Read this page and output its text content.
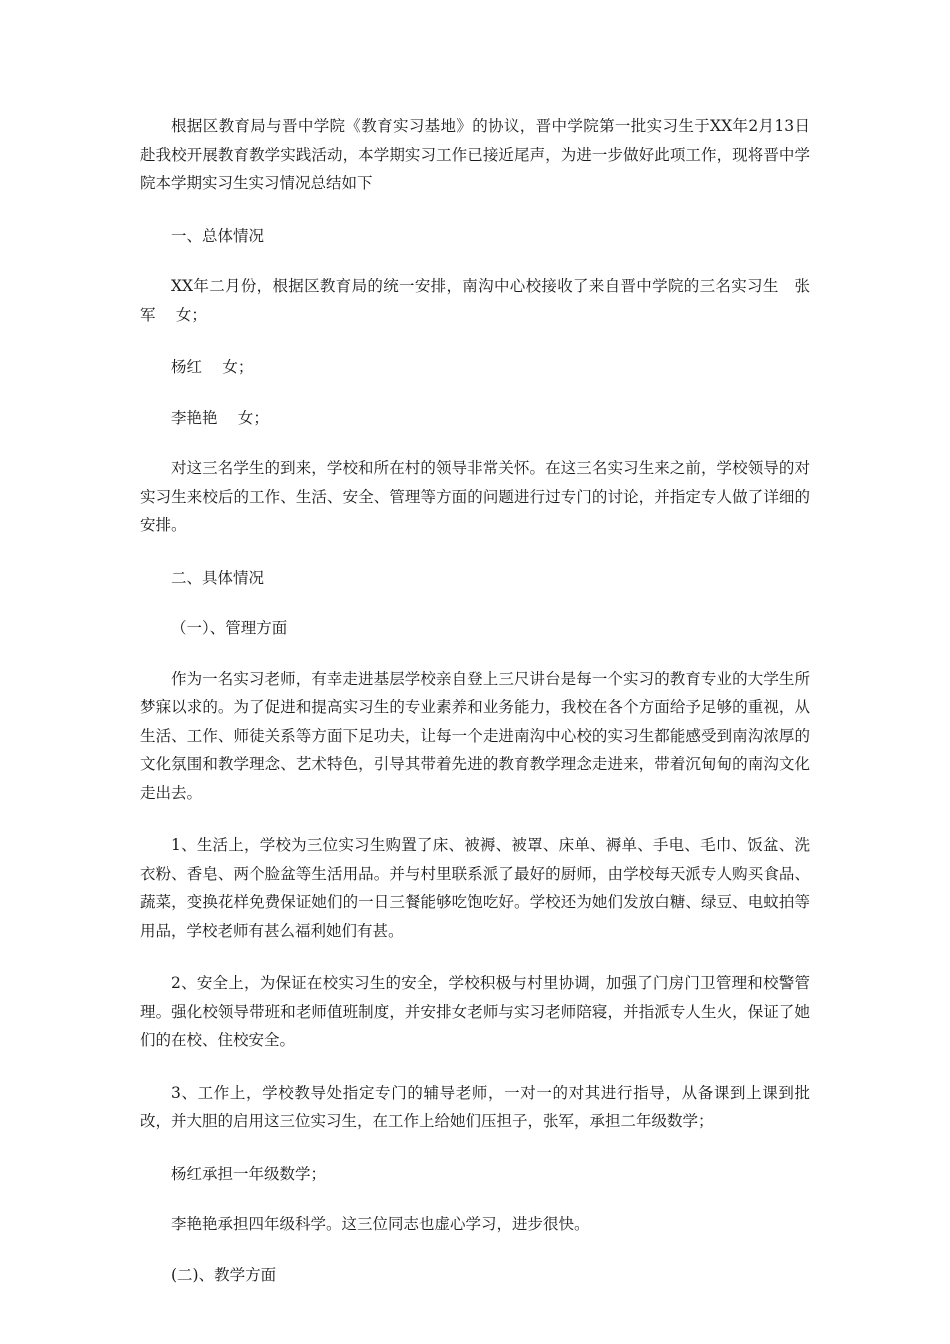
根据区教育局与晋中学院《教育实习基地》的协议，晋中学院第一批实习生于XX年2月13日赴我校开展教育教学实践活动，本学期实习工作已接近尾声，为进一步做好此项工作，现将晋中学院本学期实习生实习情况总结如下

一、总体情况

XX年二月份，根据区教育局的统一安排，南沟中心校接收了来自晋中学院的三名实习生　张军　 女；

杨红　 女；

李艳艳　 女；

对这三名学生的到来，学校和所在村的领导非常关怀。在这三名实习生来之前，学校领导的对实习生来校后的工作、生活、安全、管理等方面的问题进行过专门的讨论，并指定专人做了详细的安排。

二、具体情况

（一）、管理方面

作为一名实习老师，有幸走进基层学校亲自登上三尺讲台是每一个实习的教育专业的大学生所梦寐以求的。为了促进和提高实习生的专业素养和业务能力，我校在各个方面给予足够的重视，从生活、工作、师徒关系等方面下足功夫，让每一个走进南沟中心校的实习生都能感受到南沟浓厚的文化氛围和教学理念、艺术特色，引导其带着先进的教育教学理念走进来，带着沉甸甸的南沟文化走出去。

1、生活上，学校为三位实习生购置了床、被褥、被罩、床单、褥单、手电、毛巾、饭盆、洗衣粉、香皂、两个脸盆等生活用品。并与村里联系派了最好的厨师，由学校每天派专人购买食品、蔬菜，变换花样免费保证她们的一日三餐能够吃饱吃好。学校还为她们发放白糖、绿豆、电蚊拍等用品，学校老师有甚么福利她们有甚。

2、安全上，为保证在校实习生的安全，学校积极与村里协调，加强了门房门卫管理和校警管理。强化校领导带班和老师值班制度，并安排女老师与实习老师陪寝，并指派专人生火，保证了她们的在校、住校安全。

3、工作上，学校教导处指定专门的辅导老师，一对一的对其进行指导，从备课到上课到批改，并大胆的启用这三位实习生，在工作上给她们压担子，张军，承担二年级数学；

杨红承担一年级数学；

李艳艳承担四年级科学。这三位同志也虚心学习，进步很快。

(二)、教学方面
